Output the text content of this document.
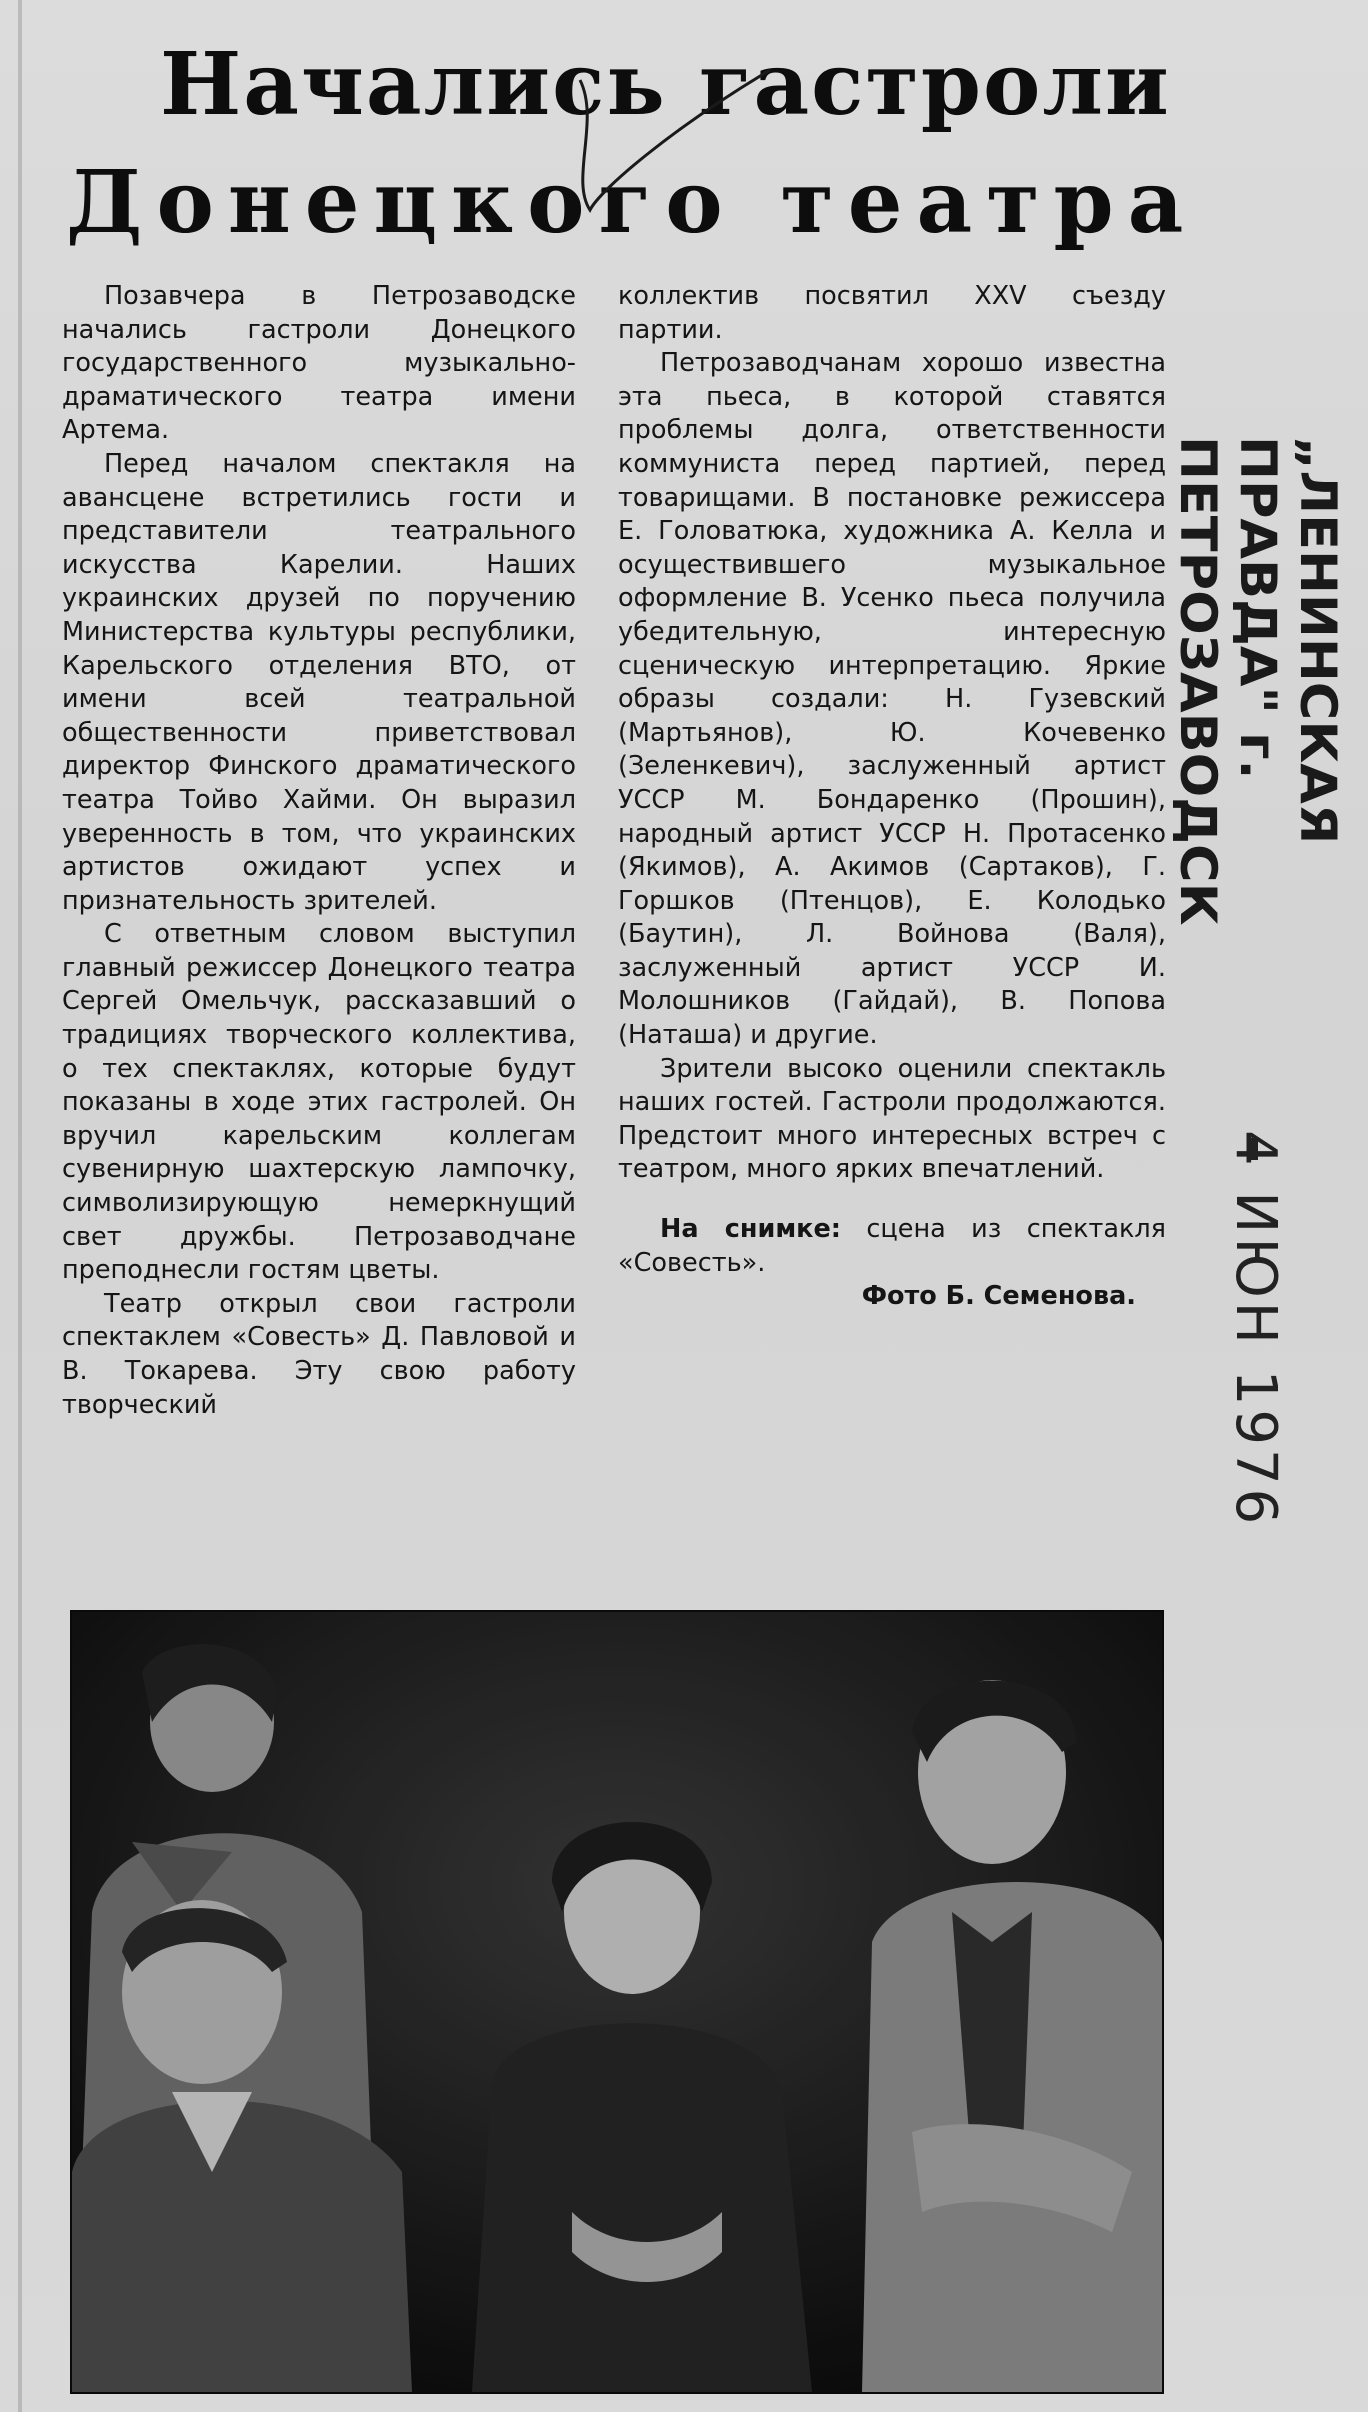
Начались гастроли
Донецкого театра

Позавчера в Петрозаводске начались гастроли Донецкого государственного музыкально-драматического театра имени Артема.

Перед началом спектакля на авансцене встретились гости и представители театрального искусства Карелии. Наших украинских друзей по поручению Министерства культуры республики, Карельского отделения ВТО, от имени всей театральной общественности приветствовал директор Финского драматического театра Тойво Хайми. Он выразил уверенность в том, что украинских артистов ожидают успех и признательность зрителей.

С ответным словом выступил главный режиссер Донецкого театра Сергей Омельчук, рассказавший о традициях творческого коллектива, о тех спектаклях, которые будут показаны в ходе этих гастролей. Он вручил карельским коллегам сувенирную шахтерскую лампочку, символизирующую немеркнущий свет дружбы. Петрозаводчане преподнесли гостям цветы.

Театр открыл свои гастроли спектаклем «Совесть» Д. Павловой и В. Токарева. Эту свою работу творческий

коллектив посвятил XXV съезду партии.

Петрозаводчанам хорошо известна эта пьеса, в которой ставятся проблемы долга, ответственности коммуниста перед партией, перед товарищами. В постановке режиссера Е. Головатюка, художника А. Келла и осуществившего музыкальное оформление В. Усенко пьеса получила убедительную, интересную сценическую интерпретацию. Яркие образы создали: Н. Гузевский (Мартьянов), Ю. Кочевенко (Зеленкевич), заслуженный артист УССР М. Бондаренко (Прошин), народный артист УССР Н. Протасенко (Якимов), А. Акимов (Сартаков), Г. Горшков (Птенцов), Е. Колодько (Баутин), Л. Войнова (Валя), заслуженный артист УССР И. Молошников (Гайдай), В. Попова (Наташа) и другие.

Зрители высоко оценили спектакль наших гостей. Гастроли продолжаются. Предстоит много интересных встреч с театром, много ярких впечатлений.

На снимке: сцена из спектакля «Совесть».

Фото Б. Семенова.

„ЛЕНИНСКАЯ ПРАВДА" г. ПЕТРОЗАВОДСК
4 ИЮН 1976
